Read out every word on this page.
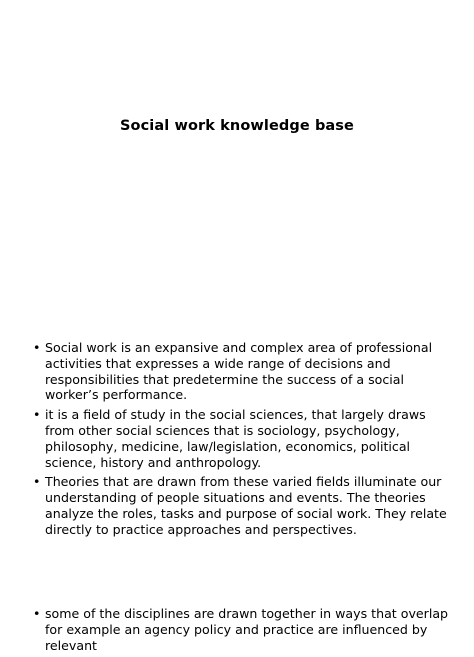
Social work knowledge base
• Social work is an expansive and complex area of professional activities that expresses a wide range of decisions and responsibilities that predetermine the success of a social worker’s performance.
• it is a field of study in the social sciences, that largely draws from other social sciences that is sociology, psychology, philosophy, medicine, law/legislation, economics, political science, history and anthropology.
• Theories that are drawn from these varied fields illuminate our understanding of people situations and events. The theories analyze the roles, tasks and purpose of social work. They relate directly to practice approaches and perspectives.
• some of the disciplines are drawn together in ways that overlap for example an agency policy and practice are influenced by relevant
